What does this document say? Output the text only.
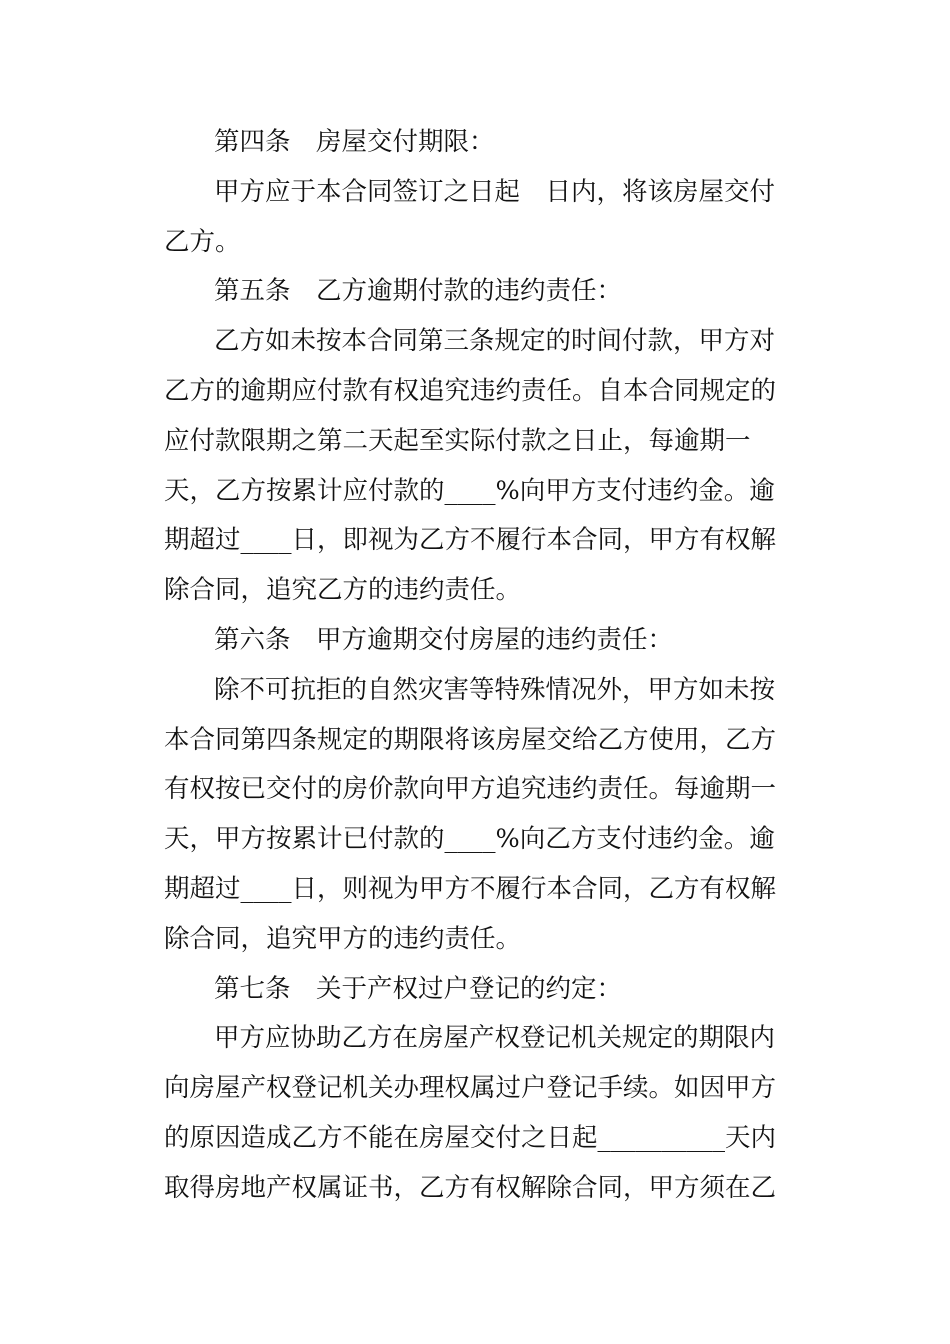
第四条　房屋交付期限：
甲方应于本合同签订之日起　日内，将该房屋交付
乙方。
第五条　乙方逾期付款的违约责任：
乙方如未按本合同第三条规定的时间付款，甲方对
乙方的逾期应付款有权追究违约责任。自本合同规定的
应付款限期之第二天起至实际付款之日止，每逾期一
天，乙方按累计应付款的____%向甲方支付违约金。逾
期超过____日，即视为乙方不履行本合同，甲方有权解
除合同，追究乙方的违约责任。
第六条　甲方逾期交付房屋的违约责任：
除不可抗拒的自然灾害等特殊情况外，甲方如未按
本合同第四条规定的期限将该房屋交给乙方使用，乙方
有权按已交付的房价款向甲方追究违约责任。每逾期一
天，甲方按累计已付款的____%向乙方支付违约金。逾
期超过____日，则视为甲方不履行本合同，乙方有权解
除合同，追究甲方的违约责任。
第七条　关于产权过户登记的约定：
甲方应协助乙方在房屋产权登记机关规定的期限内
向房屋产权登记机关办理权属过户登记手续。如因甲方
的原因造成乙方不能在房屋交付之日起__________天内
取得房地产权属证书，乙方有权解除合同，甲方须在乙
